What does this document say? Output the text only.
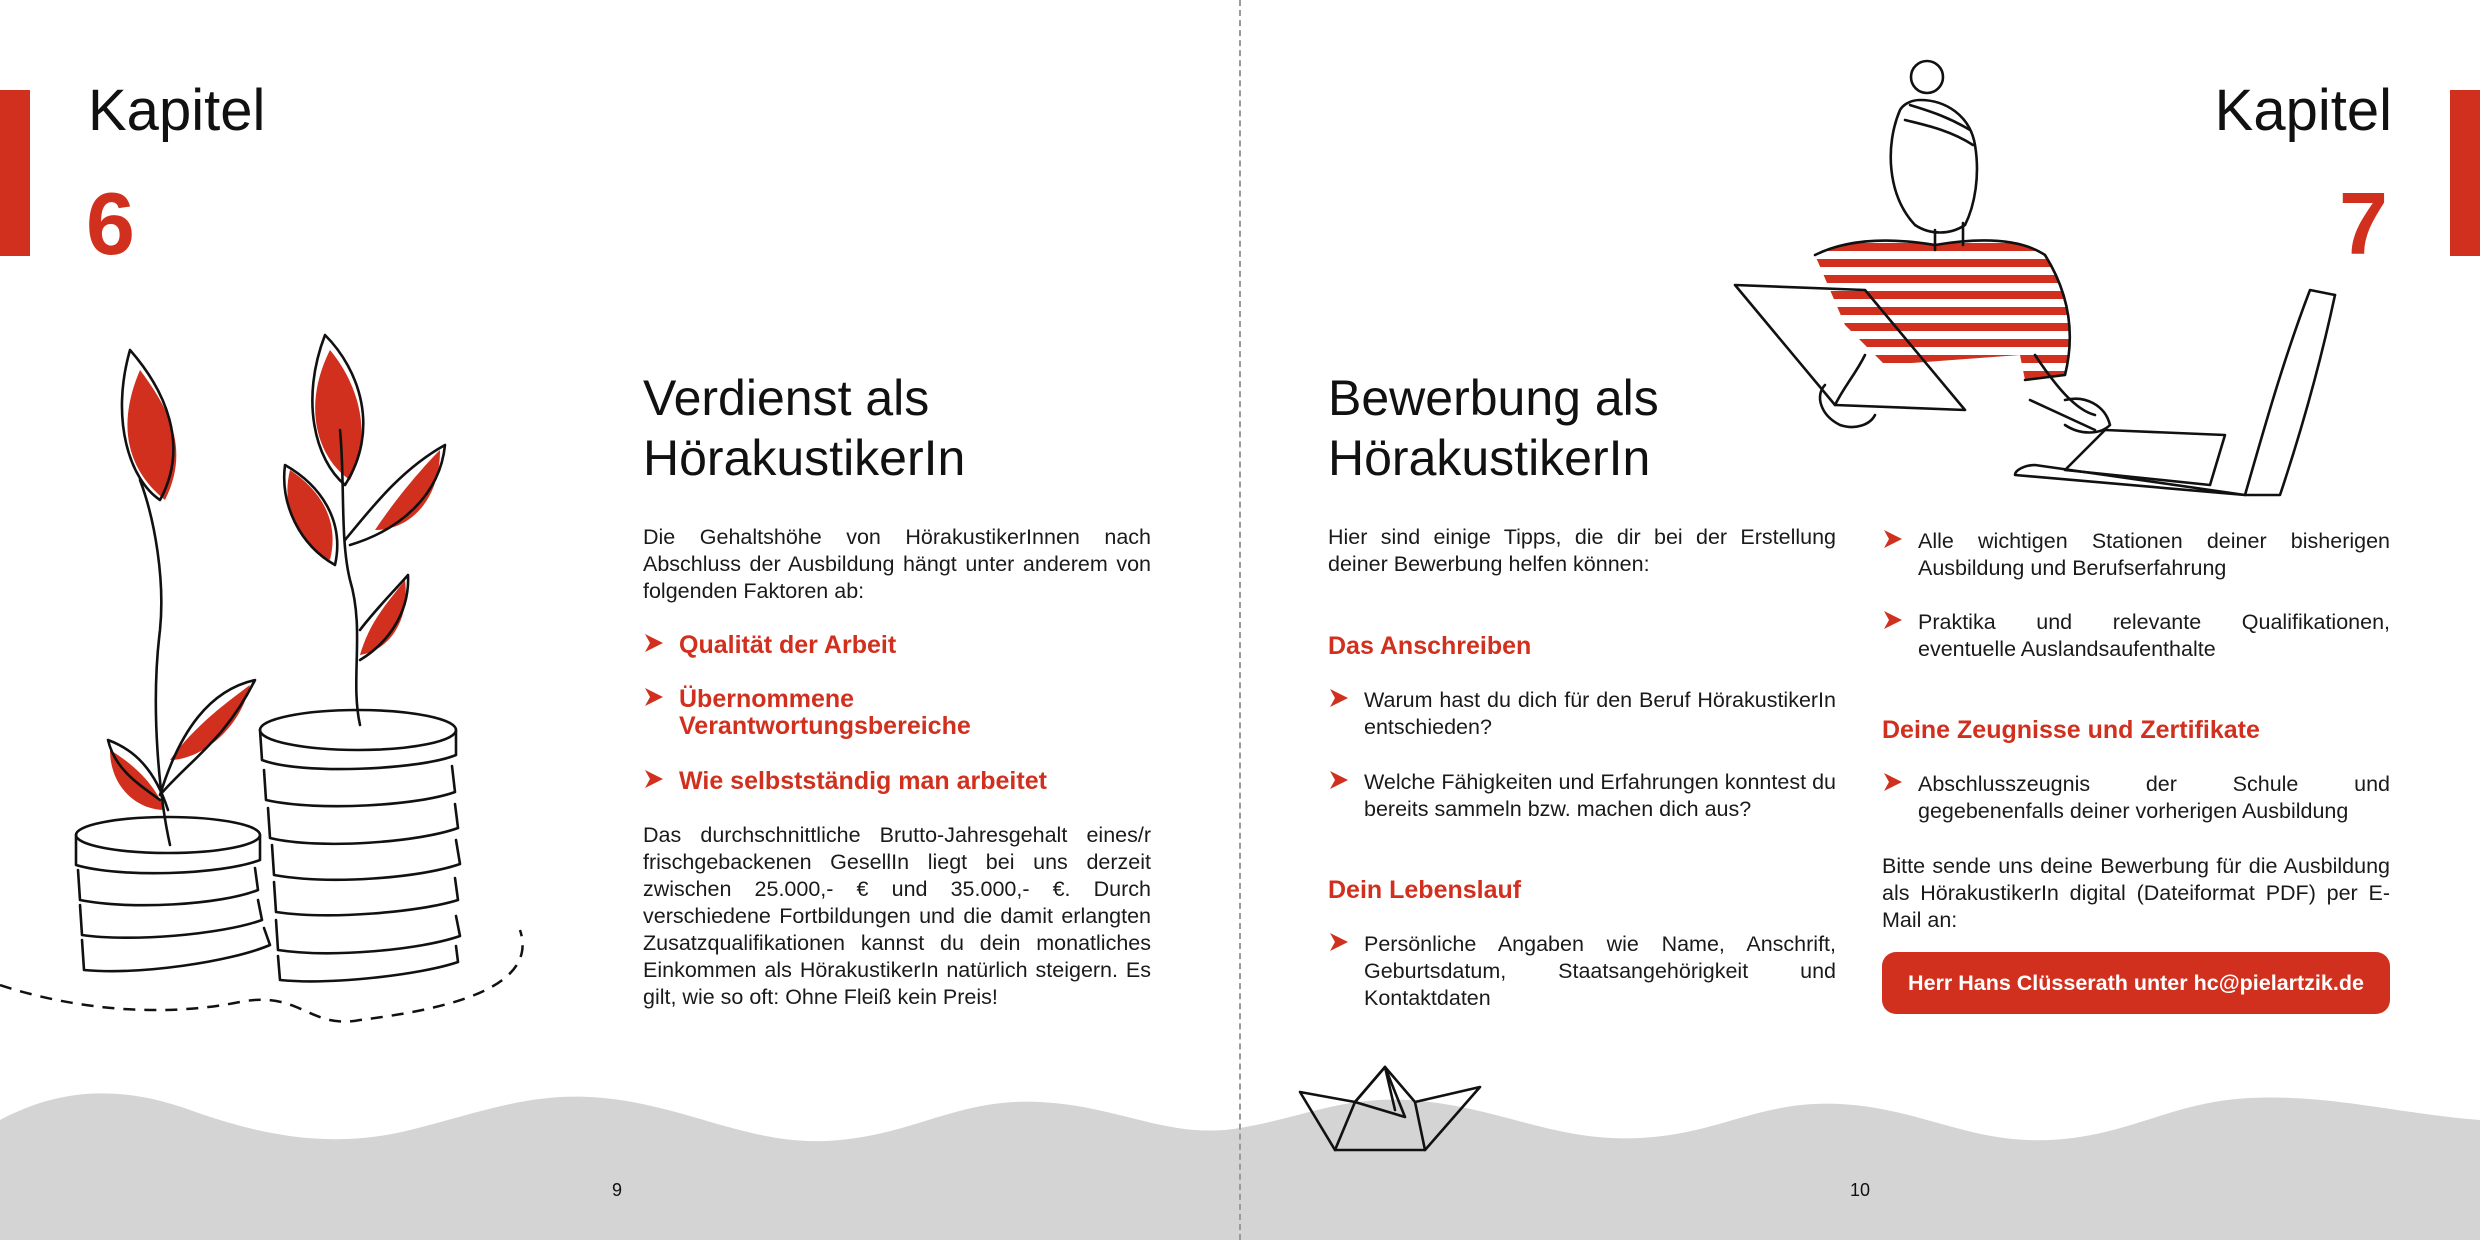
Kapitel
6
Verdienst als
HörakustikerIn

Die Gehaltshöhe von HörakustikerInnen nach Abschluss der Ausbildung hängt unter anderem von folgenden Faktoren ab:

Qualität der Arbeit
Übernommene Verantwortungsbereiche
Wie selbstständig man arbeitet

Das durchschnittliche Brutto-Jahresgehalt eines/r frischgebackenen GesellIn liegt bei uns derzeit zwischen 25.000,- € und 35.000,- €. Durch verschiedene Fortbildungen und die damit erlangten Zusatzqualifikationen kannst du dein monatliches Einkommen als HörakustikerIn natürlich steigern. Es gilt, wie so oft: Ohne Fleiß kein Preis!

9
Kapitel
7
Bewerbung als
HörakustikerIn

Hier sind einige Tipps, die dir bei der Erstellung deiner Bewerbung helfen können:

Das Anschreiben
Warum hast du dich für den Beruf HörakustikerIn entschieden?
Welche Fähigkeiten und Erfahrungen konntest du bereits sammeln bzw. machen dich aus?
Dein Lebenslauf
Persönliche Angaben wie Name, Anschrift, Geburtsdatum, Staatsangehörigkeit und Kontaktdaten
Alle wichtigen Stationen deiner bisherigen Ausbildung und Berufserfahrung
Praktika und relevante Qualifikationen, eventuelle Auslandsaufenthalte
Deine Zeugnisse und Zertifikate
Abschlusszeugnis der Schule und gegebenenfalls deiner vorherigen Ausbildung

Bitte sende uns deine Bewerbung für die Ausbildung als HörakustikerIn digital (Dateiformat PDF) per E-Mail an:

Herr Hans Clüsserath unter hc@pielartzik.de
10
